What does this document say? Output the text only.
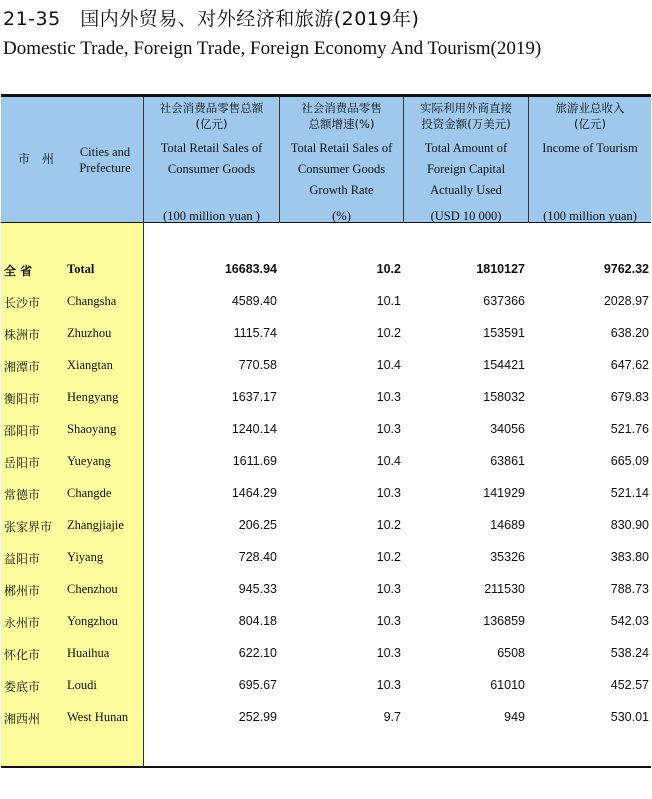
21-35　国内外贸易、对外经济和旅游(2019年)
Domestic Trade, Foreign Trade, Foreign Economy And Tourism(2019)
市 州	Cities and
Prefecture
社会消费品零售总额
(亿元)
Total Retail Sales of
Consumer Goods
(100 million yuan )
社会消费品零售
总额增速(%)
Total Retail Sales of
Consumer Goods
Growth Rate
(%)
实际利用外商直接
投资金额(万美元)
Total Amount of
Foreign Capital
Actually Used
(USD 10 000)
旅游业总收入
(亿元)
Income of Tourism
(100 million yuan)
全 省	Total	16683.94	10.2	1810127	9762.32
长沙市 Changsha	4589.40	10.1	637366	2028.97
株洲市 Zhuzhou	1115.74	10.2	153591	638.20
湘潭市 Xiangtan	770.58	10.4	154421	647.62
衡阳市 Hengyang	1637.17	10.3	158032	679.83
邵阳市 Shaoyang	1240.14	10.3	34056	521.76
岳阳市 Yueyang	1611.69	10.4	63861	665.09
常德市 Changde	1464.29	10.3	141929	521.14
张家界市 Zhangjiajie	206.25	10.2	14689	830.90
益阳市 Yiyang	728.40	10.2	35326	383.80
郴州市 Chenzhou	945.33	10.3	211530	788.73
永州市 Yongzhou	804.18	10.3	136859	542.03
怀化市 Huaihua	622.10	10.3	6508	538.24
娄底市 Loudi	695.67	10.3	61010	452.57
湘西州 West Hunan	252.99	9.7	949	530.01
